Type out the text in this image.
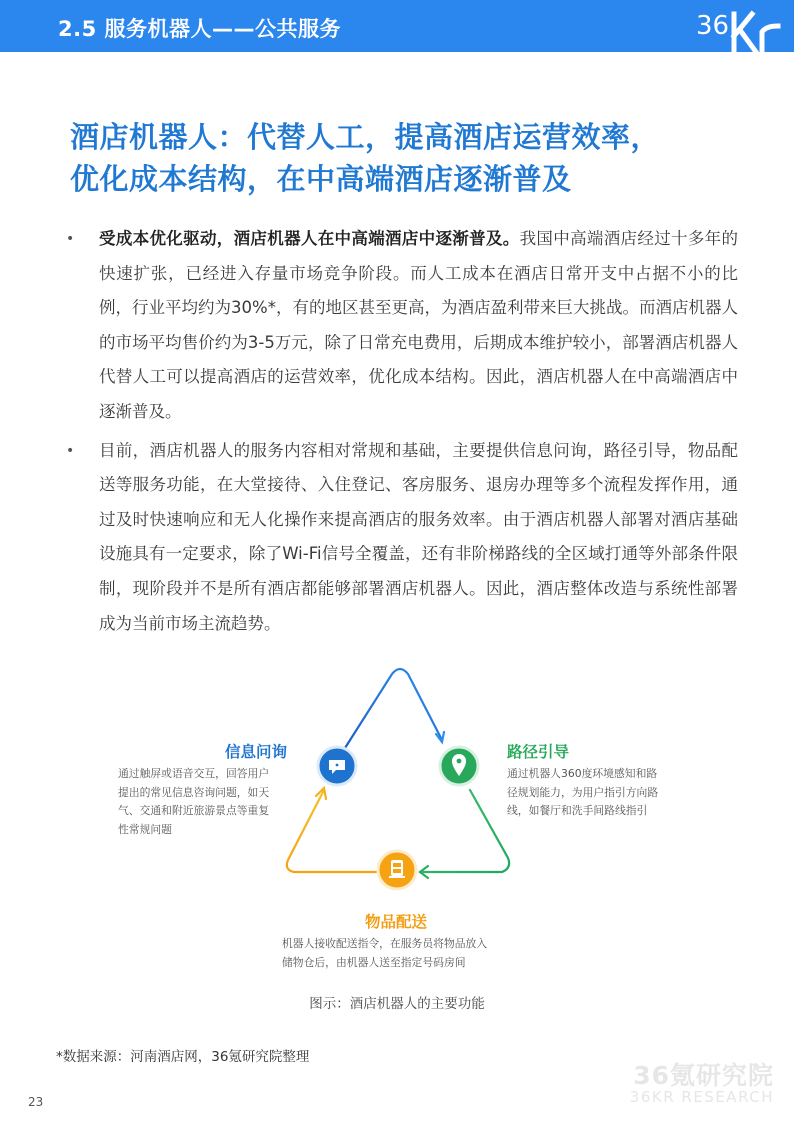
2.5 服务机器人——公共服务	36
酒店机器人：代替人工，提高酒店运营效率，
优化成本结构，在中高端酒店逐渐普及
• 受成本优化驱动，酒店机器人在中高端酒店中逐渐普及。我国中高端酒店经过十多年的快速扩张，已经进入存量市场竞争阶段。而人工成本在酒店日常开支中占据不小的比例，行业平均约为30%*，有的地区甚至更高，为酒店盈利带来巨大挑战。而酒店机器人的市场平均售价约为3-5万元，除了日常充电费用，后期成本维护较小，部署酒店机器人代替人工可以提高酒店的运营效率，优化成本结构。因此，酒店机器人在中高端酒店中逐渐普及。
• 目前，酒店机器人的服务内容相对常规和基础，主要提供信息问询，路径引导，物品配送等服务功能，在大堂接待、入住登记、客房服务、退房办理等多个流程发挥作用，通过及时快速响应和无人化操作来提高酒店的服务效率。由于酒店机器人部署对酒店基础设施具有一定要求，除了Wi-Fi信号全覆盖，还有非阶梯路线的全区域打通等外部条件限制，现阶段并不是所有酒店都能够部署酒店机器人。因此，酒店整体改造与系统性部署成为当前市场主流趋势。
信息问询
通过触屏或语音交互，回答用户
提出的常见信息咨询问题，如天
气、交通和附近旅游景点等重复
性常规问题
路径引导
通过机器人360度环境感知和路
径规划能力，为用户指引方向路
线，如餐厅和洗手间路线指引
物品配送
机器人接收配送指令，在服务员将物品放入
储物仓后，由机器人送至指定号码房间
图示：酒店机器人的主要功能
*数据来源：河南酒店网，36氪研究院整理
36氪研究院
36KR RESEARCH
23
